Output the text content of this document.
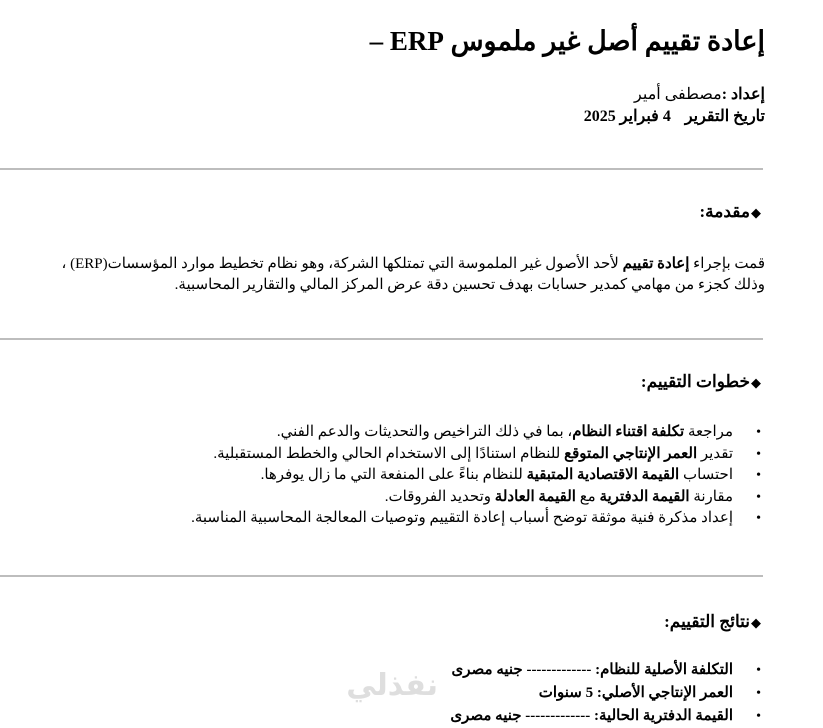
إعادة تقييم أصل غير ملموس ERP –
إعداد :مصطفى أمير
تاريخ التقرير4 فبراير 2025
◆مقدمة:

قمت بإجراء إعادة تقييم لأحد الأصول غير الملموسة التي تمتلكها الشركة، وهو نظام تخطيط موارد المؤسسات(ERP) ، وذلك كجزء من مهامي كمدير حسابات بهدف تحسين دقة عرض المركز المالي والتقارير المحاسبية.

◆خطوات التقييم:
• مراجعة تكلفة اقتناء النظام، بما في ذلك التراخيص والتحديثات والدعم الفني.
• تقدير العمر الإنتاجي المتوقع للنظام استنادًا إلى الاستخدام الحالي والخطط المستقبلية.
• احتساب القيمة الاقتصادية المتبقية للنظام بناءً على المنفعة التي ما زال يوفرها.
• مقارنة القيمة الدفترية مع القيمة العادلة وتحديد الفروقات.
• إعداد مذكرة فنية موثقة توضح أسباب إعادة التقييم وتوصيات المعالجة المحاسبية المناسبة.
◆نتائج التقييم:
• التكلفة الأصلية للنظام: ------------- جنيه مصرى
• العمر الإنتاجي الأصلي: 5 سنوات
• القيمة الدفترية الحالية: ------------- جنيه مصرى
نفذلي
